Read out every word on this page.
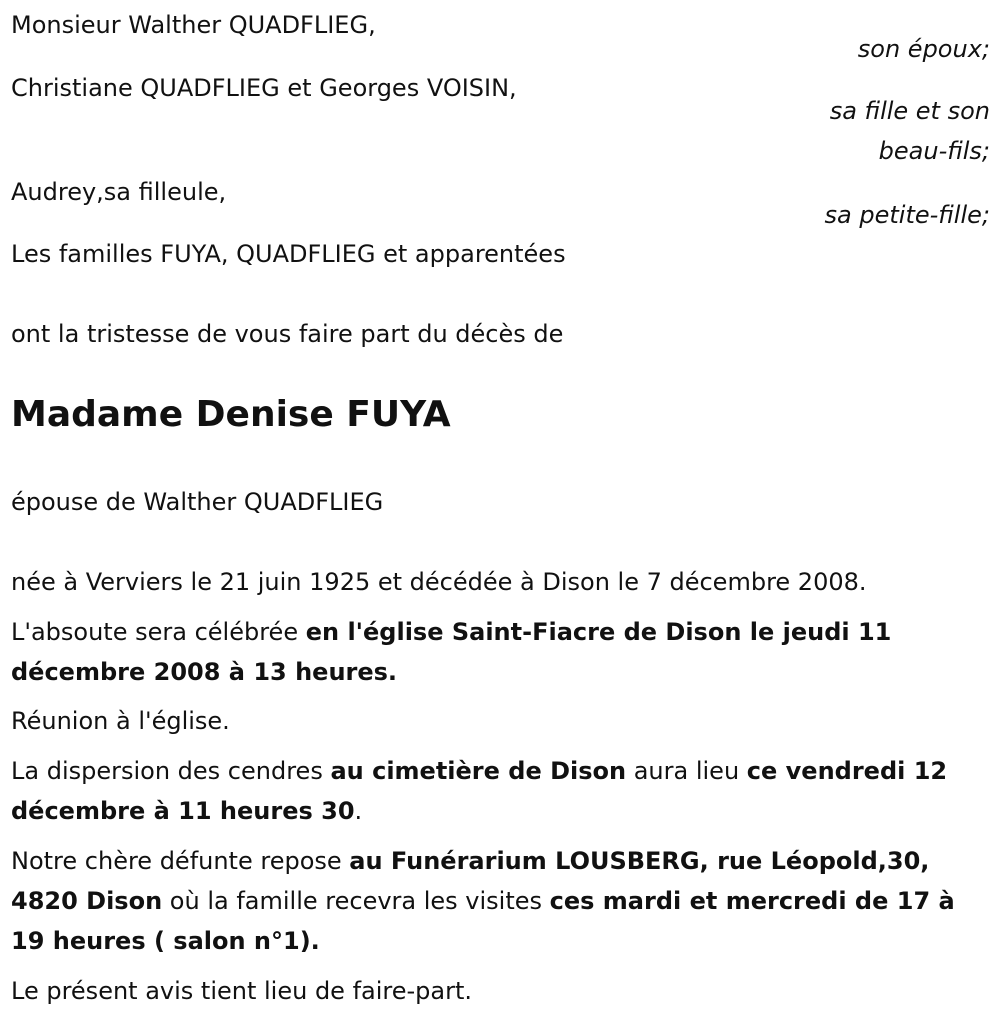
Monsieur Walther QUADFLIEG,
son époux;
Christiane QUADFLIEG et Georges VOISIN,
sa fille et son
beau-fils;
Audrey,sa filleule,
sa petite-fille;
Les familles FUYA, QUADFLIEG et apparentées
ont la tristesse de vous faire part du décès de
Madame Denise FUYA
épouse de Walther QUADFLIEG
née à Verviers le 21 juin 1925 et décédée à Dison le 7 décembre 2008.
L'absoute sera célébrée en l'église Saint-Fiacre de Dison le jeudi 11 décembre 2008 à 13 heures.
Réunion à l'église.
La dispersion des cendres au cimetière de Dison aura lieu ce vendredi 12 décembre à 11 heures 30.
Notre chère défunte repose au Funérarium LOUSBERG, rue Léopold,30, 4820 Dison où la famille recevra les visites ces mardi et mercredi de 17 à 19 heures ( salon n°1).
Le présent avis tient lieu de faire-part.
